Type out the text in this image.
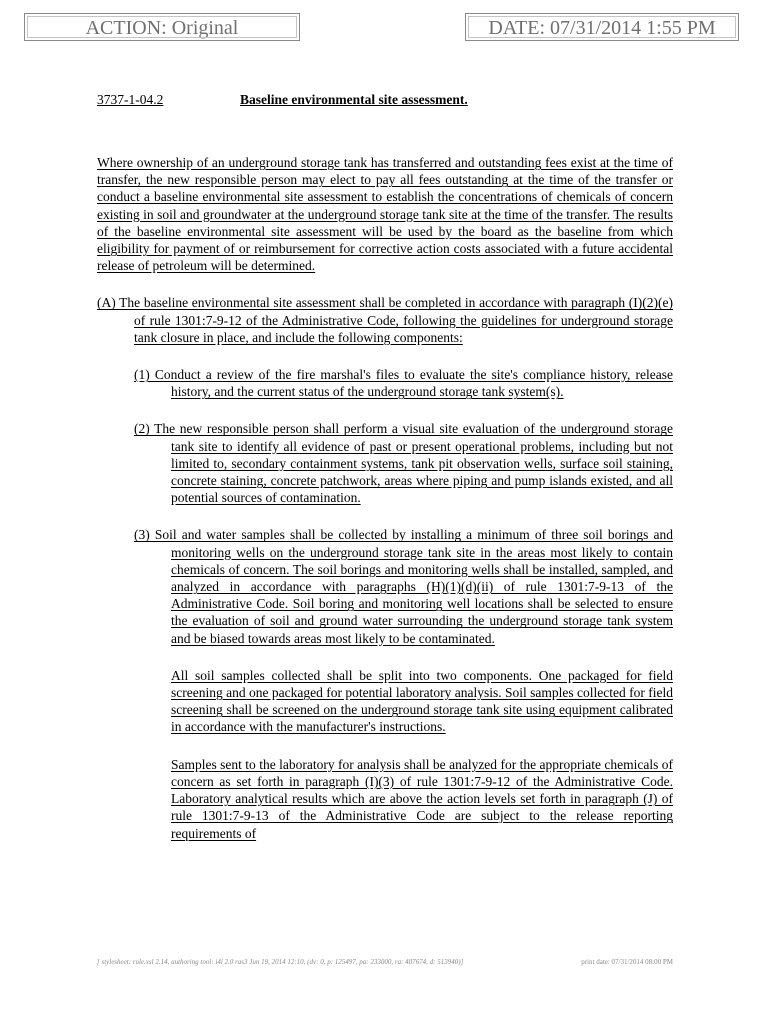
ACTION: Original	DATE: 07/31/2014 1:55 PM
3737-1-04.2	Baseline environmental site assessment.

Where ownership of an underground storage tank has transferred and outstanding fees exist at the time of transfer, the new responsible person may elect to pay all fees outstanding at the time of the transfer or conduct a baseline environmental site assessment to establish the concentrations of chemicals of concern existing in soil and groundwater at the underground storage tank site at the time of the transfer. The results of the baseline environmental site assessment will be used by the board as the baseline from which eligibility for payment of or reimbursement for corrective action costs associated with a future accidental release of petroleum will be determined.

(A) The baseline environmental site assessment shall be completed in accordance with paragraph (I)(2)(e) of rule 1301:7-9-12 of the Administrative Code, following the guidelines for underground storage tank closure in place, and include the following components:

(1) Conduct a review of the fire marshal's files to evaluate the site's compliance history, release history, and the current status of the underground storage tank system(s).

(2) The new responsible person shall perform a visual site evaluation of the underground storage tank site to identify all evidence of past or present operational problems, including but not limited to, secondary containment systems, tank pit observation wells, surface soil staining, concrete staining, concrete patchwork, areas where piping and pump islands existed, and all potential sources of contamination.

(3) Soil and water samples shall be collected by installing a minimum of three soil borings and monitoring wells on the underground storage tank site in the areas most likely to contain chemicals of concern. The soil borings and monitoring wells shall be installed, sampled, and analyzed in accordance with paragraphs (H)(1)(d)(ii) of rule 1301:7-9-13 of the Administrative Code. Soil boring and monitoring well locations shall be selected to ensure the evaluation of soil and ground water surrounding the underground storage tank system and be biased towards areas most likely to be contaminated.

All soil samples collected shall be split into two components. One packaged for field screening and one packaged for potential laboratory analysis. Soil samples collected for field screening shall be screened on the underground storage tank site using equipment calibrated in accordance with the manufacturer's instructions.

Samples sent to the laboratory for analysis shall be analyzed for the appropriate chemicals of concern as set forth in paragraph (I)(3) of rule 1301:7-9-12 of the Administrative Code. Laboratory analytical results which are above the action levels set forth in paragraph (J) of rule 1301:7-9-13 of the Administrative Code are subject to the release reporting requirements of

[ stylesheet: rule.xsl 2.14, authoring tool: i4i 2.0 ras3 Jun 19, 2014 12:10, (dv: 0, p: 125497, pa: 233000, ra: 407674, d: 513940)]	print date: 07/31/2014 08:00 PM
